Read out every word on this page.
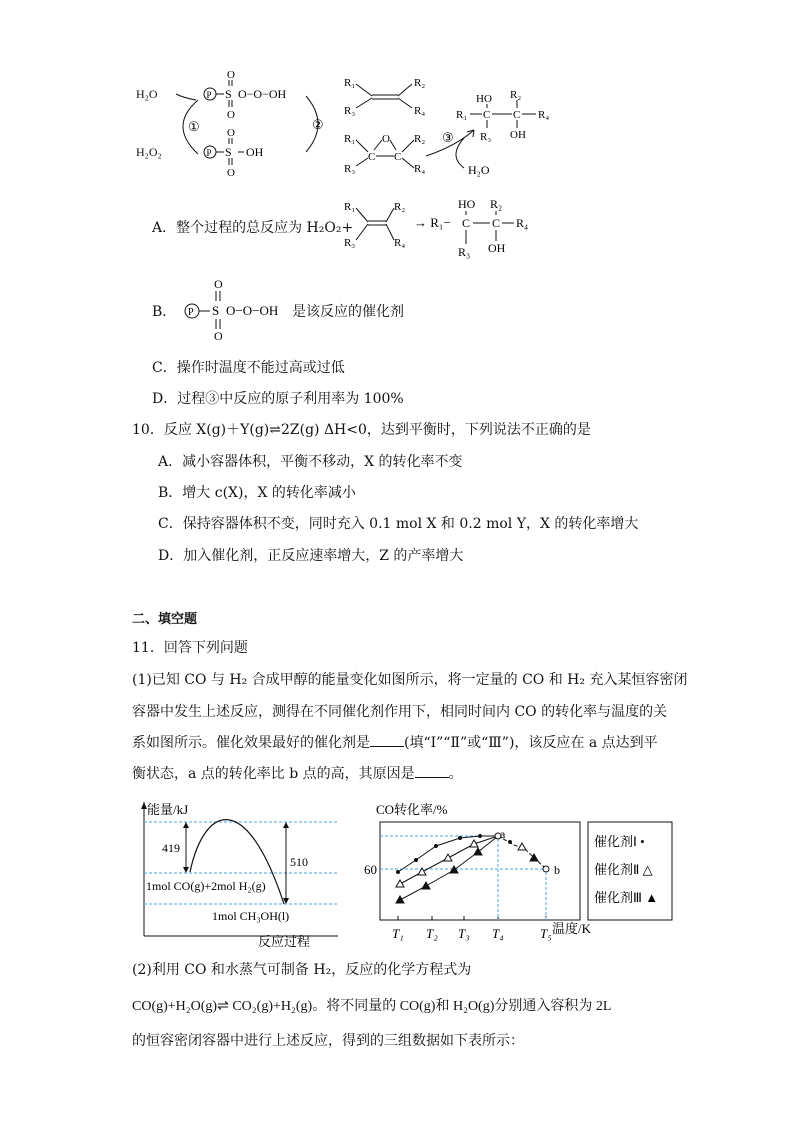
H₂O
H₂O₂
①
P S
O
O
O−O−OH
P S
O
O
OH
②
R₁
R₃
R₂
R₄
R₁
R₃
R₂
R₄
C C
O	③
H₂O
HO R₂
R₁ C C R₄
R₃ OH
A．整个过程的总反应为 H₂O₂+
R₁
R₃
R₂
R₄
→ R₁−
HO R₂
C C R₄
R₃ OH
B． P S
O
O
O−O−OH 是该反应的催化剂
C．操作时温度不能过高或过低
D．过程③中反应的原子利用率为 100%
10．反应 X(g)＋Y(g)⇌2Z(g) ΔH<0，达到平衡时，下列说法不正确的是
A．减小容器体积，平衡不移动，X 的转化率不变
B．增大 c(X)，X 的转化率减小
C．保持容器体积不变，同时充入 0.1 mol X 和 0.2 mol Y，X 的转化率增大
D．加入催化剂，正反应速率增大，Z 的产率增大
二、填空题
11．回答下列问题
(1)已知 CO 与 H₂ 合成甲醇的能量变化如图所示，将一定量的 CO 和 H₂ 充入某恒容密闭
容器中发生上述反应，测得在不同催化剂作用下，相同时间内 CO 的转化率与温度的关
系如图所示。催化效果最好的催化剂是 (填“Ⅰ”“Ⅱ”或“Ⅲ”)，该反应在 a 点达到平
衡状态，a 点的转化率比 b 点的高，其原因是 。
能量/kJ
反应过程
419
510
1mol CO(g)+2mol H₂(g)
1mol CH₃OH(l)
CO转化率/%
60
T₁ T₂ T₃ T₄	T₅ 温度/K
a
b
催化剂Ⅰ •
催化剂Ⅱ △
催化剂Ⅲ ▲
(2)利用 CO 和水蒸气可制备 H₂，反应的化学方程式为
CO(g)+H₂O(g)⇌ CO₂(g)+H₂(g)。将不同量的 CO(g)和 H₂O(g)分别通入容积为 2L
的恒容密闭容器中进行上述反应，得到的三组数据如下表所示：
